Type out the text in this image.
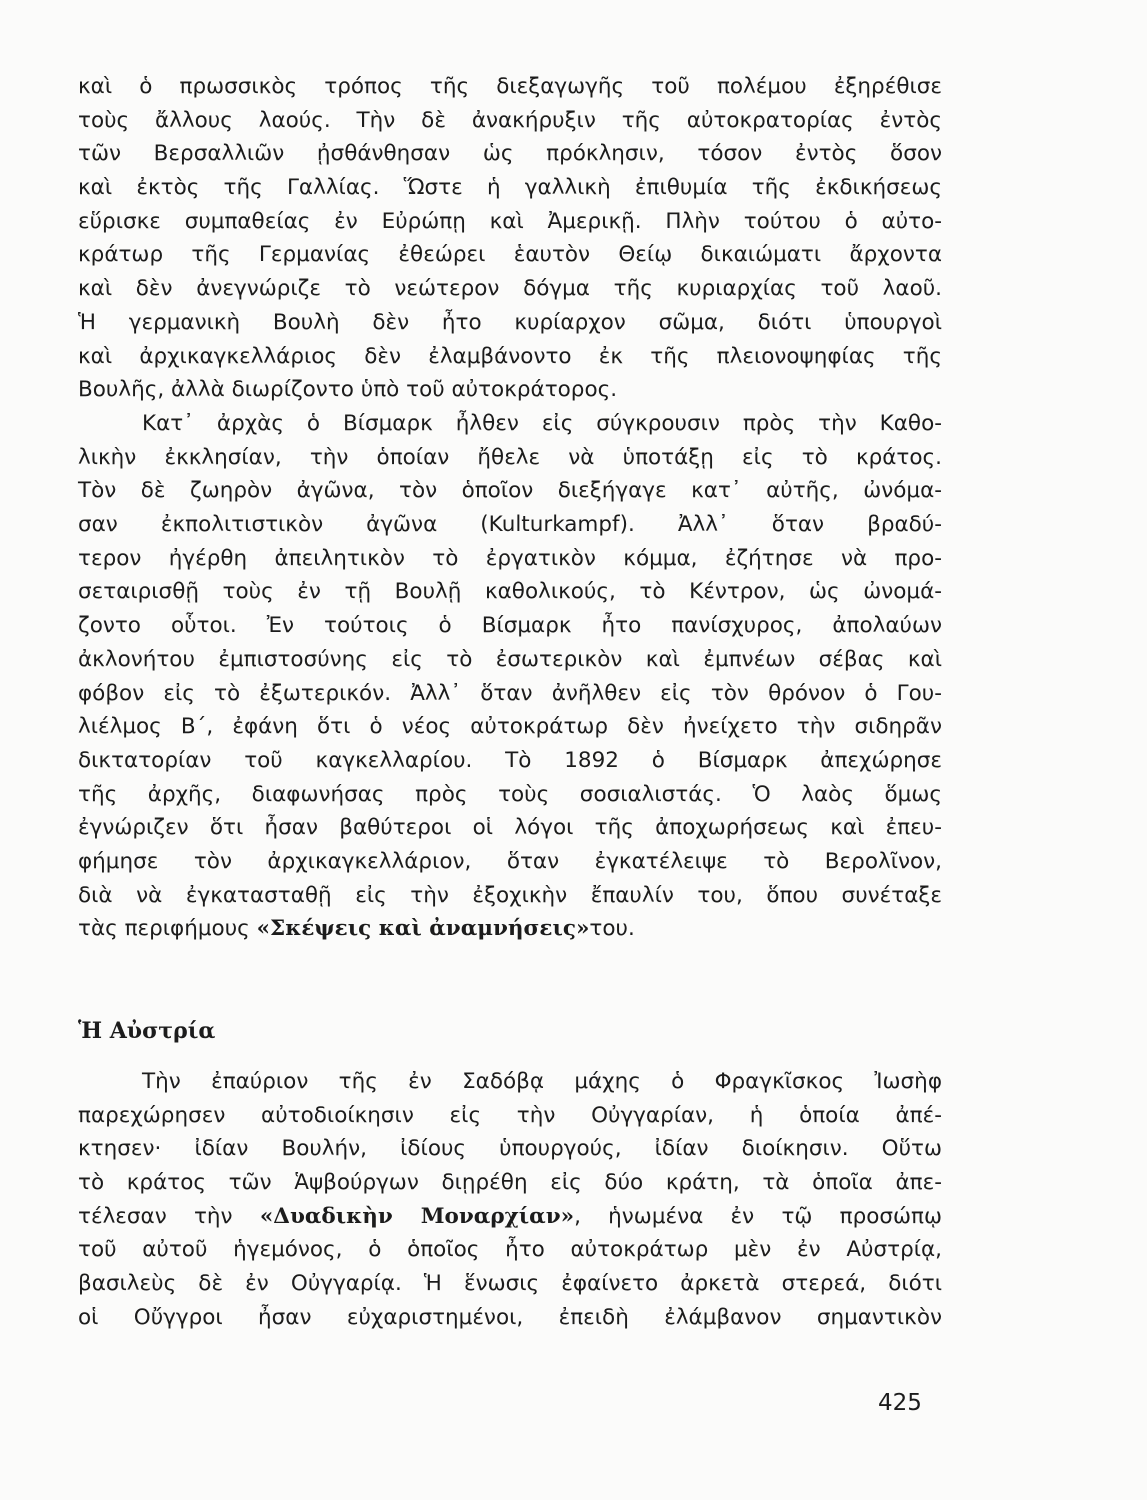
καὶ ὁ πρωσσικὸς τρόπος τῆς διεξαγωγῆς τοῦ πολέμου ἐξηρέθισε
τοὺς ἄλλους λαούς. Τὴν δὲ ἀνακήρυξιν τῆς αὐτοκρατορίας ἐντὸς
τῶν Βερσαλλιῶν ᾐσθάνθησαν ὡς πρόκλησιν, τόσον ἐντὸς ὅσον
καὶ ἐκτὸς τῆς Γαλλίας. Ὥστε ἡ γαλλικὴ ἐπιθυμία τῆς ἐκδικήσεως
εὕρισκε συμπαθείας ἐν Εὐρώπῃ καὶ Ἀμερικῇ. Πλὴν τούτου ὁ αὐτο-
κράτωρ τῆς Γερμανίας ἐθεώρει ἑαυτὸν Θείῳ δικαιώματι ἄρχοντα
καὶ δὲν ἀνεγνώριζε τὸ νεώτερον δόγμα τῆς κυριαρχίας τοῦ λαοῦ.
Ἡ γερμανικὴ Βουλὴ δὲν ἦτο κυρίαρχον σῶμα, διότι ὑπουργοὶ
καὶ ἀρχικαγκελλάριος δὲν ἐλαμβάνοντο ἐκ τῆς πλειονοψηφίας τῆς
Βουλῆς, ἀλλὰ διωρίζοντο ὑπὸ τοῦ αὐτοκράτορος.
Κατ᾿ ἀρχὰς ὁ Βίσμαρκ ἦλθεν εἰς σύγκρουσιν πρὸς τὴν Καθο-
λικὴν ἐκκλησίαν, τὴν ὁποίαν ἤθελε νὰ ὑποτάξῃ εἰς τὸ κράτος.
Τὸν δὲ ζωηρὸν ἀγῶνα, τὸν ὁποῖον διεξήγαγε κατ᾿ αὐτῆς, ὠνόμα-
σαν ἐκπολιτιστικὸν ἀγῶνα (Kulturkampf). Ἀλλ᾿ ὅταν βραδύ-
τερον ἠγέρθη ἀπειλητικὸν τὸ ἐργατικὸν κόμμα, ἐζήτησε νὰ προ-
σεταιρισθῇ τοὺς ἐν τῇ Βουλῇ καθολικούς, τὸ Κέντρον, ὡς ὠνομά-
ζοντο οὗτοι. Ἐν τούτοις ὁ Βίσμαρκ ἦτο πανίσχυρος, ἀπολαύων
ἀκλονήτου ἐμπιστοσύνης εἰς τὸ ἐσωτερικὸν καὶ ἐμπνέων σέβας καὶ
φόβον εἰς τὸ ἐξωτερικόν. Ἀλλ᾿ ὅταν ἀνῆλθεν εἰς τὸν θρόνον ὁ Γου-
λιέλμος Β΄, ἐφάνη ὅτι ὁ νέος αὐτοκράτωρ δὲν ἠνείχετο τὴν σιδηρᾶν
δικτατορίαν τοῦ καγκελλαρίου. Τὸ 1892 ὁ Βίσμαρκ ἀπεχώρησε
τῆς ἀρχῆς, διαφωνήσας πρὸς τοὺς σοσιαλιστάς. Ὁ λαὸς ὅμως
ἐγνώριζεν ὅτι ἦσαν βαθύτεροι οἱ λόγοι τῆς ἀποχωρήσεως καὶ ἐπευ-
φήμησε τὸν ἀρχικαγκελλάριον, ὅταν ἐγκατέλειψε τὸ Βερολῖνον,
διὰ νὰ ἐγκατασταθῇ εἰς τὴν ἐξοχικὴν ἔπαυλίν του, ὅπου συνέταξε
τὰς περιφήμους «Σκέψεις καὶ ἀναμνήσεις»του.
Ἡ Αὐστρία
Τὴν ἐπαύριον τῆς ἐν Σαδόβᾳ μάχης ὁ Φραγκῖσκος Ἰωσὴφ
παρεχώρησεν αὐτοδιοίκησιν εἰς τὴν Οὐγγαρίαν, ἡ ὁποία ἀπέ-
κτησεν· ἰδίαν Βουλήν, ἰδίους ὑπουργούς, ἰδίαν διοίκησιν. Οὕτω
τὸ κράτος τῶν Ἁψβούργων διῃρέθη εἰς δύο κράτη, τὰ ὁποῖα ἀπε-
τέλεσαν τὴν «Δυαδικὴν Μοναρχίαν», ἡνωμένα ἐν τῷ προσώπῳ
τοῦ αὐτοῦ ἡγεμόνος, ὁ ὁποῖος ἦτο αὐτοκράτωρ μὲν ἐν Αὐστρίᾳ,
βασιλεὺς δὲ ἐν Οὐγγαρίᾳ. Ἡ ἕνωσις ἐφαίνετο ἀρκετὰ στερεά, διότι
οἱ Οὔγγροι ἦσαν εὐχαριστημένοι, ἐπειδὴ ἐλάμβανον σημαντικὸν
425
